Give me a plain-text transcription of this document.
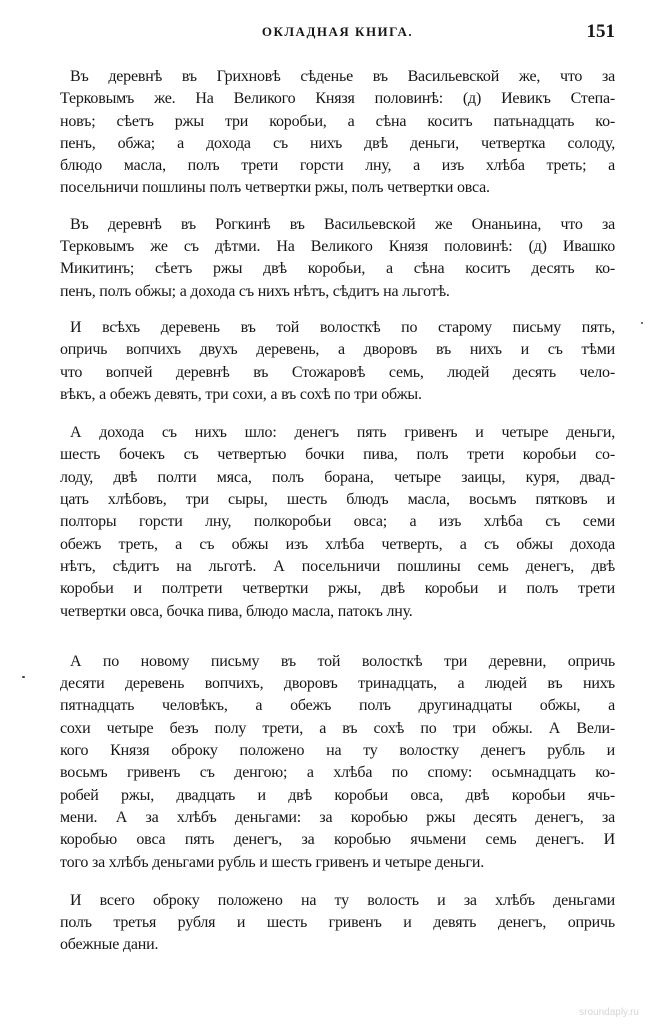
ОКЛАДНАЯ КНИГА.	151

Въ деревнѣ въ Грихновѣ сѣденье въ Васильевской же, что за
Терковымъ же. На Великого Князя половинѣ: (д) Иевикъ Степа-
новъ; сѣетъ ржы три коробьи, а сѣна коситъ патьнадцать ко-
пенъ, обжа; а дохода съ нихъ двѣ деньги, четвертка солоду,
блюдо масла, полъ трети горсти лну, а изъ хлѣба треть; а
посельничи пошлины полъ четвертки ржы, полъ четвертки овса.

Въ деревнѣ въ Рогкинѣ въ Васильевской же Онаньина, что за
Терковымъ же съ дѣтми. На Великого Князя половинѣ: (д) Ивашко
Микитинъ; сѣетъ ржы двѣ коробьи, а сѣна коситъ десять ко-
пенъ, полъ обжы; а дохода съ нихъ нѣтъ, сѣдитъ на льготѣ.

И всѣхъ деревень въ той волосткѣ по старому письму пять,
опричь вопчихъ двухъ деревень, а дворовъ въ нихъ и съ тѣми
что вопчей деревнѣ въ Стожаровѣ семь, людей десять чело-
вѣкъ, а обежъ девять, три сохи, а въ сохѣ по три обжы.

А дохода съ нихъ шло: денегъ пять гривенъ и четыре деньги,
шесть бочекъ съ четвертью бочки пива, полъ трети коробьи со-
лоду, двѣ полти мяса, полъ борана, четыре заицы, куря, двад-
цать хлѣбовъ, три сыры, шесть блюдъ масла, восьмъ пятковъ и
полторы горсти лну, полкоробьи овса; а изъ хлѣба съ семи
обежъ треть, а съ обжы изъ хлѣба четверть, а съ обжы дохода
нѣтъ, сѣдитъ на льготѣ. А посельничи пошлины семь денегъ, двѣ
коробьи и полтрети четвертки ржы, двѣ коробьи и полъ трети
четвертки овса, бочка пива, блюдо масла, патокъ лну.

А по новому письму въ той волосткѣ три деревни, опричь
десяти деревень вопчихъ, дворовъ тринадцать, а людей въ нихъ
пятнадцать человѣкъ, а обежъ полъ другинадцаты обжы, а
сохи четыре безъ полу трети, а въ сохѣ по три обжы. А Вели-
кого Князя оброку положено на ту волостку денегъ рубль и
восьмъ гривенъ съ денгою; а хлѣба по спому: осьмнадцать ко-
робей ржы, двадцать и двѣ коробьи овса, двѣ коробьи ячь-
мени. А за хлѣбъ деньгами: за коробью ржы десять денегъ, за
коробью овса пять денегъ, за коробью ячьмени семь денегъ. И
того за хлѣбъ деньгами рубль и шесть гривенъ и четыре деньги.

И всего оброку положено на ту волость и за хлѣбъ деньгами
полъ третья рубля и шесть гривенъ и девять денегъ, опричь
обежные дани.

sroundaply.ru
